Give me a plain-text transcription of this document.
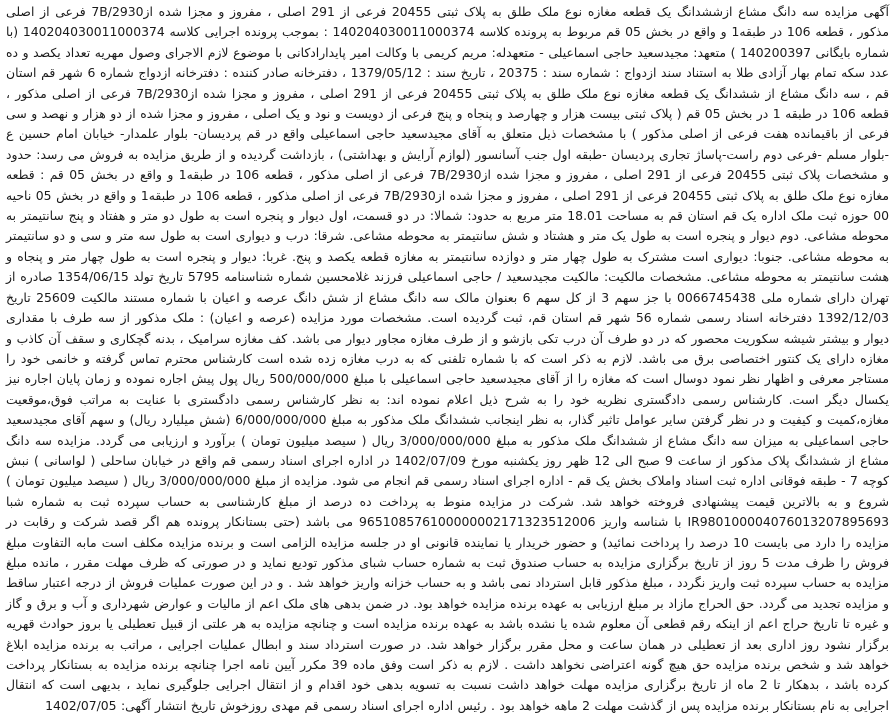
آگهی مزایده سه دانگ مشاع ازششدانگ یک قطعه مغازه نوع ملک طلق به پلاک ثبتی 20455 فرعی از 291 اصلی ، مفروز و مجزا شده از7B/2930 فرعی از اصلی مذکور ، قطعه 106 در طبقه1 و واقع در بخش 05 قم مربوط به پرونده کلاسه 140204030011000374 : بموجب پرونده اجرایی کلاسه 140204030011000374 (با شماره بایگانی 140200397 ) متعهد: مجیدسعید حاجی اسماعیلی - متعهدله: مریم کریمی با وکالت امیر پایدارادکانی با موضوع لازم الاجرای وصول مهریه تعداد یکصد و ده عدد سکه تمام بهار آزادی طلا به استناد سند ازدواج : شماره سند : 20375 ، تاریخ سند : 1379/05/12 ، دفترخانه صادر کننده : دفترخانه ازدواج شماره 6 شهر قم استان قم ، سه دانگ مشاع از ششدانگ یک قطعه مغازه نوع ملک طلق به پلاک ثبتی 20455 فرعی از 291 اصلی ، مفروز و مجزا شده از7B/2930 فرعی از اصلی مذکور ، قطعه 106 در طبقه 1 در بخش 05 قم ( پلاک ثبتی بیست هزار و چهارصد و پنجاه و پنج فرعی از دویست و نود و یک اصلی ، مفروز و مجزا شده از دو هزار و نهصد و سی فرعی از باقیمانده هفت فرعی از اصلی مذکور ) با مشخصات ذیل متعلق به آقای مجیدسعید حاجی اسماعیلی واقع در قم پردیسان- بلوار علمدار- خیابان امام حسین ع -بلوار مسلم -فرعی دوم راست-پاساژ تجاری پردیسان -طبقه اول جنب آسانسور (لوازم آرایش و بهداشتی) ، بازداشت گردیده و از طریق مزایده به فروش می رسد: حدود و مشخصات پلاک ثبتی 20455 فرعی از 291 اصلی ، مفروز و مجزا شده از7B/2930 فرعی از اصلی مذکور ، قطعه 106 در طبقه1 و واقع در بخش 05 قم : قطعه مغازه نوع ملک طلق به پلاک ثبتی 20455 فرعی از 291 اصلی ، مفروز و مجزا شده از7B/2930 فرعی از اصلی مذکور ، قطعه 106 در طبقه1 و واقع در بخش 05 ناحیه 00 حوزه ثبت ملک اداره یک قم استان قم به مساحت 18.01 متر مربع به حدود: شمالا: در دو قسمت، اول دیوار و پنجره است به طول دو متر و هفتاد و پنج سانتیمتر به محوطه مشاعی. دوم دیوار و پنجره است به طول یک متر و هشتاد و شش سانتیمتر به محوطه مشاعی. شرقا: درب و دیواری است به طول سه متر و سی و دو سانتیمتر به محوطه مشاعی. جنوبا: دیواری است مشترک به طول چهار متر و دوازده سانتیمتر به مغازه قطعه یکصد و پنج. غربا: دیوار و پنجره است به طول چهار متر و پنجاه و هشت سانتیمتر به محوطه مشاعی. مشخصات مالکیت: مالکیت مجیدسعید / حاجی اسماعیلی فرزند غلامحسین شماره شناسنامه 5795 تاریخ تولد 1354/06/15 صادره از تهران دارای شماره ملی 0066745438 با جز سهم 3 از کل سهم 6 بعنوان مالک سه دانگ مشاع از شش دانگ عرصه و اعیان با شماره مستند مالکیت 25609 تاریخ 1392/12/03 دفترخانه اسناد رسمی شماره 56 شهر قم استان قم، ثبت گردیده است. مشخصات مورد مزایده (عرصه و اعیان) : ملک مذکور از سه طرف با مقداری دیوار و بیشتر شیشه سکوریت محصور که در دو طرف آن درب تکی بازشو و از طرف مغازه مجاور دیوار می باشد. کف مغازه سرامیک ، بدنه گچکاری و سقف آن کاذب و مغازه دارای یک کنتور اختصاصی برق می باشد. لازم به ذکر است که با شماره تلفنی که به درب مغازه زده شده است کارشناس محترم تماس گرفته و خانمی خود را مستاجر معرفی و اظهار نظر نمود دوسال است که مغازه را از آقای مجیدسعید حاجی اسماعیلی با مبلغ 500/000/000 ریال پول پیش اجاره نموده و زمان پایان اجاره نیز یکسال دیگر است. کارشناس رسمی دادگستری نظریه خود را به شرح ذیل اعلام نموده اند: به نظر کارشناس رسمی دادگستری با عنایت به مراتب فوق،موقعیت مغازه،کمیت و کیفیت و در نظر گرفتن سایر عوامل تاثیر گذار، به نظر اینجانب ششدانگ ملک مذکور به مبلغ 6/000/000/000 (شش میلیارد ریال) و سهم آقای مجیدسعید حاجی اسماعیلی به میزان سه دانگ مشاع از ششدانگ ملک مذکور به مبلغ 3/000/000/000 ریال ( سیصد میلیون تومان ) برآورد و ارزیابی می گردد. مزایده سه دانگ مشاع از ششدانگ پلاک مذکور از ساعت 9 صبح الی 12 ظهر روز یکشنبه مورخ 1402/07/09 در اداره اجرای اسناد رسمی قم واقع در خیابان ساحلی ( لواسانی ) نبش کوچه 7 - طبقه فوقانی اداره ثبت اسناد واملاک بخش یک قم - اداره اجرای اسناد رسمی قم انجام می شود. مزایده از مبلغ 3/000/000/000 ریال ( سیصد میلیون تومان ) شروع و به بالاترین قیمت پیشنهادی فروخته خواهد شد. شرکت در مزایده منوط به پرداخت ده درصد از مبلغ کارشناسی به حساب سپرده ثبت به شماره شبا IR980100004076013207895693 با شناسه واریز 965108576100000002171323512006 می باشد (حتی بستانکار پرونده هم اگر قصد شرکت و رقابت در مزایده را دارد می بایست 10 درصد را پرداخت نمائید) و حضور خریدار یا نماینده قانونی او در جلسه مزایده الزامی است و برنده مزایده مکلف است مابه التفاوت مبلغ فروش را ظرف مدت 5 روز از تاریخ برگزاری مزایده به حساب صندوق ثبت به شماره حساب شبای مذکور تودیع نماید و در صورتی که ظرف مهلت مقرر ، مانده مبلغ مزایده به حساب سپرده ثبت واریز نگردد ، مبلغ مذکور قابل استرداد نمی باشد و به حساب خزانه واریز خواهد شد . و در این صورت عملیات فروش از درجه اعتبار ساقط و مزایده تجدید می گردد. حق الحراج مازاد بر مبلغ ارزیابی به عهده برنده مزایده خواهد بود. در ضمن بدهی های ملک اعم از مالیات و عوارض شهرداری و آب و برق و گاز و غیره تا تاریخ حراج اعم از اینکه رقم قطعی آن معلوم شده یا نشده باشد به عهده برنده مزایده است و چنانچه مزایده به هر علتی از قبیل تعطیلی یا بروز حوادث قهریه برگزار نشود روز اداری بعد از تعطیلی در همان ساعت و محل مقرر برگزار خواهد شد. در صورت استرداد سند و ابطال عملیات اجرایی ، مراتب به برنده مزایده ابلاغ خواهد شد و شخص برنده مزایده حق هیچ گونه اعتراضی نخواهد داشت . لازم به ذکر است وفق ماده 39 مکرر آیین نامه اجرا چنانچه برنده مزایده به بستانکار پرداخت کرده باشد ، بدهکار تا 2 ماه از تاریخ برگزاری مزایده مهلت خواهد داشت نسبت به تسویه بدهی خود اقدام و از انتقال اجرایی جلوگیری نماید ، بدیهی است که انتقال اجرایی به نام بستانکار برنده مزایده پس از گذشت مهلت 2 ماهه خواهد بود . رئیس اداره اجرای اسناد رسمی قم مهدی روزخوش تاریخ انتشار آگهی: 1402/07/05
